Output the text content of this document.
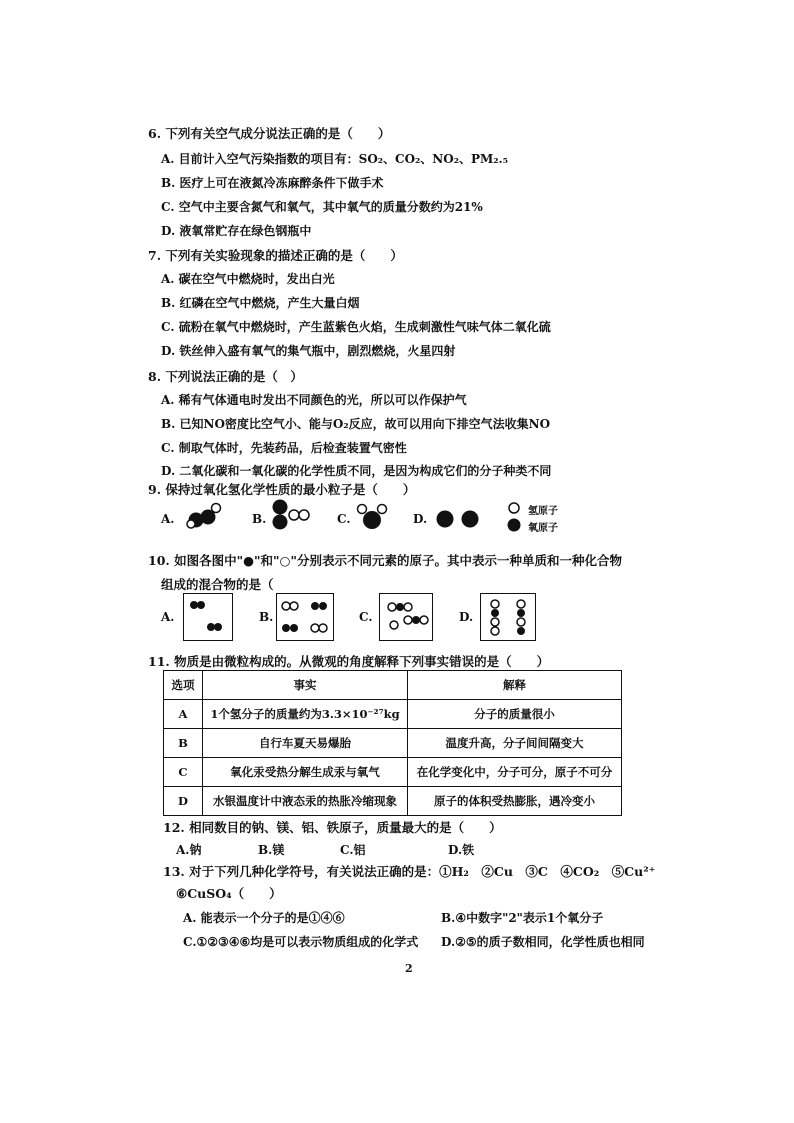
6. 下列有关空气成分说法正确的是（　　）
A. 目前计入空气污染指数的项目有：SO₂、CO₂、NO₂、PM₂.₅
B. 医疗上可在液氮冷冻麻醉条件下做手术
C. 空气中主要含氮气和氧气，其中氧气的质量分数约为21%
D. 液氧常贮存在绿色钢瓶中
7. 下列有关实验现象的描述正确的是（　　）
A. 碳在空气中燃烧时，发出白光
B. 红磷在空气中燃烧，产生大量白烟
C. 硫粉在氧气中燃烧时，产生蓝紫色火焰，生成刺激性气味气体二氧化硫
D. 铁丝伸入盛有氧气的集气瓶中，剧烈燃烧，火星四射
8. 下列说法正确的是（　）
A. 稀有气体通电时发出不同颜色的光，所以可以作保护气
B. 已知NO密度比空气小、能与O₂反应，故可以用向下排空气法收集NO
C. 制取气体时，先装药品，后检查装置气密性
D. 二氧化碳和一氧化碳的化学性质不同，是因为构成它们的分子种类不同
9. 保持过氧化氢化学性质的最小粒子是（　　）
A.	B.	C.	D.
氢原子
氧原子
10. 如图各图中"●"和"○"分别表示不同元素的原子。其中表示一种单质和一种化合物
组成的混合物的是（
A.	B.	C.	D.
11. 物质是由微粒构成的。从微观的角度解释下列事实错误的是（　　）
选项	事实	解释
A	1个氢分子的质量约为3.3×10⁻²⁷kg	分子的质量很小
B	自行车夏天易爆胎	温度升高，分子间间隔变大
C	氧化汞受热分解生成汞与氧气	在化学变化中，分子可分，原子不可分
D	水银温度计中液态汞的热胀冷缩现象	原子的体积受热膨胀，遇冷变小
12. 相同数目的钠、镁、铝、铁原子，质量最大的是（　　）
A.钠	B.镁	C.铝	D.铁
13. 对于下列几种化学符号，有关说法正确的是：①H₂　②Cu　③C　④CO₂　⑤Cu²⁺
⑥CuSO₄（　　）
A. 能表示一个分子的是①④⑥	B.④中数字"2"表示1个氧分子
C.①②③④⑥均是可以表示物质组成的化学式 D.②⑤的质子数相同，化学性质也相同
2
